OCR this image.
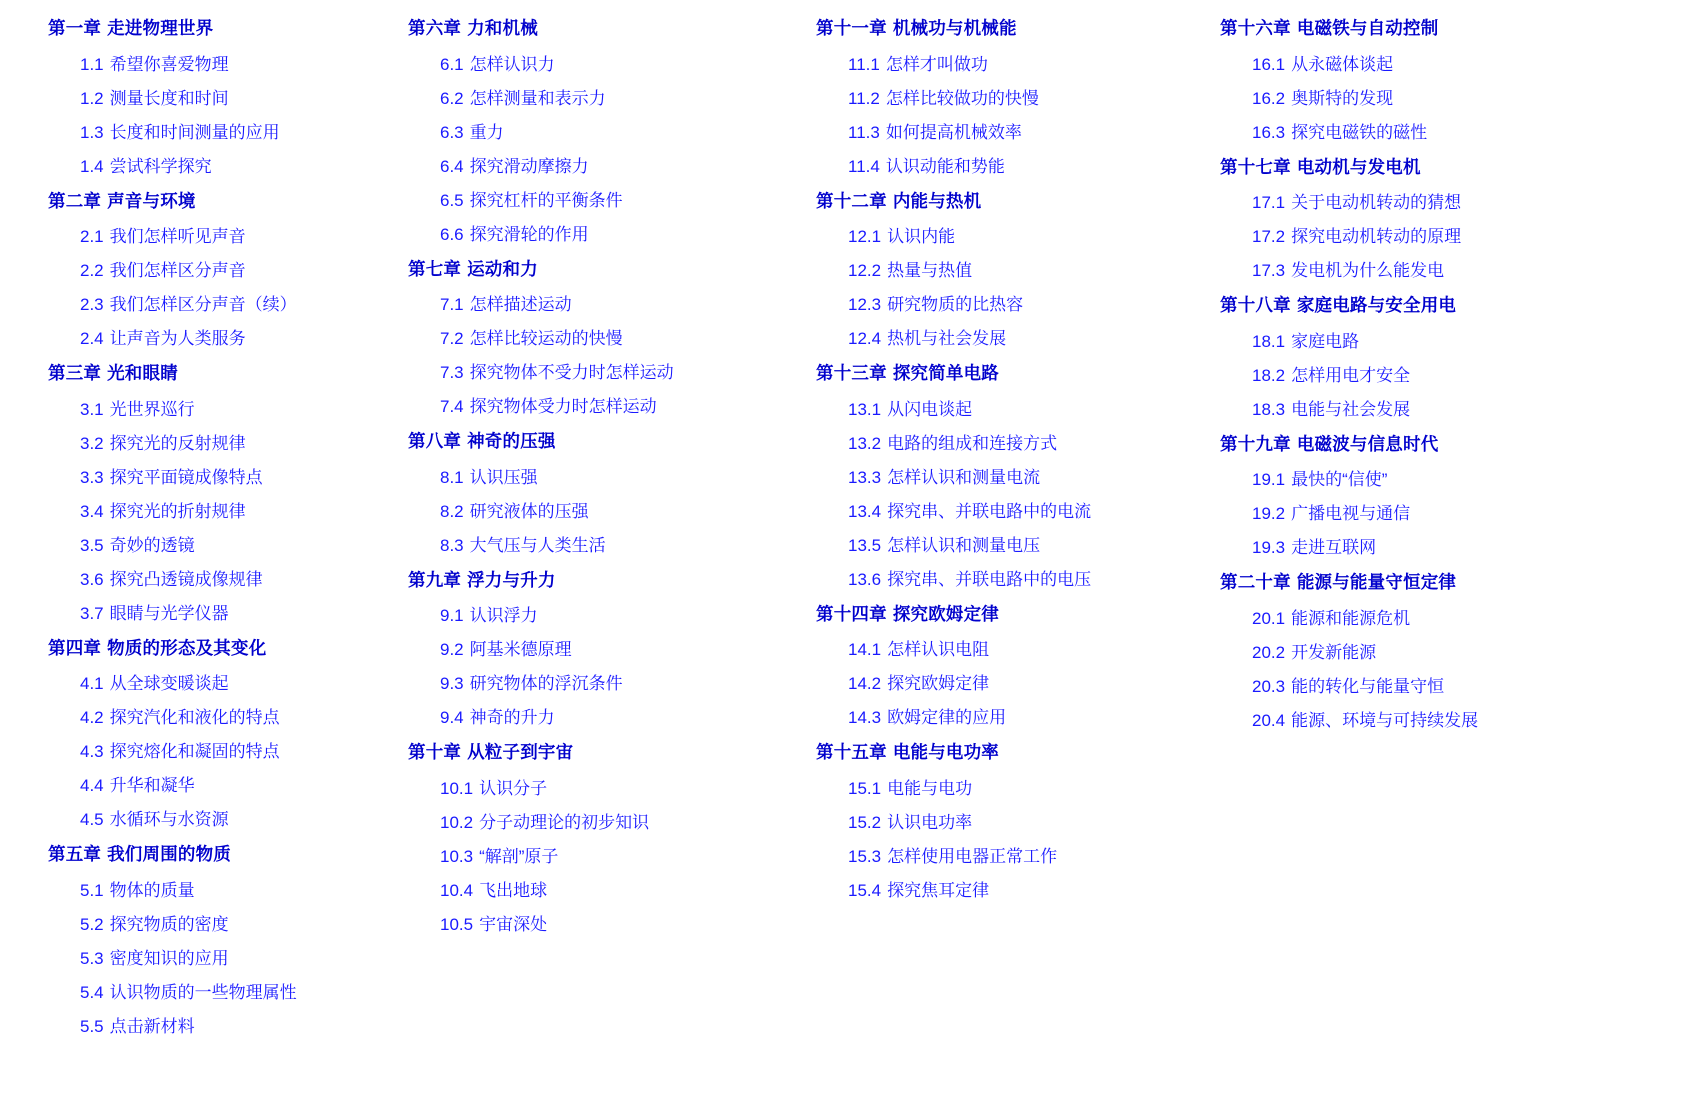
第一章 走进物理世界
1.1 希望你喜爱物理
1.2 测量长度和时间
1.3 长度和时间测量的应用
1.4 尝试科学探究
第二章 声音与环境
2.1 我们怎样听见声音
2.2 我们怎样区分声音
2.3 我们怎样区分声音（续）
2.4 让声音为人类服务
第三章 光和眼睛
3.1 光世界巡行
3.2 探究光的反射规律
3.3 探究平面镜成像特点
3.4 探究光的折射规律
3.5 奇妙的透镜
3.6 探究凸透镜成像规律
3.7 眼睛与光学仪器
第四章 物质的形态及其变化
4.1 从全球变暖谈起
4.2 探究汽化和液化的特点
4.3 探究熔化和凝固的特点
4.4 升华和凝华
4.5 水循环与水资源
第五章 我们周围的物质
5.1 物体的质量
5.2 探究物质的密度
5.3 密度知识的应用
5.4 认识物质的一些物理属性
5.5 点击新材料
第六章 力和机械
6.1 怎样认识力
6.2 怎样测量和表示力
6.3 重力
6.4 探究滑动摩擦力
6.5 探究杠杆的平衡条件
6.6 探究滑轮的作用
第七章 运动和力
7.1 怎样描述运动
7.2 怎样比较运动的快慢
7.3 探究物体不受力时怎样运动
7.4 探究物体受力时怎样运动
第八章 神奇的压强
8.1 认识压强
8.2 研究液体的压强
8.3 大气压与人类生活
第九章 浮力与升力
9.1 认识浮力
9.2 阿基米德原理
9.3 研究物体的浮沉条件
9.4 神奇的升力
第十章 从粒子到宇宙
10.1 认识分子
10.2 分子动理论的初步知识
10.3 “解剖”原子
10.4 飞出地球
10.5 宇宙深处
第十一章 机械功与机械能
11.1 怎样才叫做功
11.2 怎样比较做功的快慢
11.3 如何提高机械效率
11.4 认识动能和势能
第十二章 内能与热机
12.1 认识内能
12.2 热量与热值
12.3 研究物质的比热容
12.4 热机与社会发展
第十三章 探究简单电路
13.1 从闪电谈起
13.2 电路的组成和连接方式
13.3 怎样认识和测量电流
13.4 探究串、并联电路中的电流
13.5 怎样认识和测量电压
13.6 探究串、并联电路中的电压
第十四章 探究欧姆定律
14.1 怎样认识电阻
14.2 探究欧姆定律
14.3 欧姆定律的应用
第十五章 电能与电功率
15.1 电能与电功
15.2 认识电功率
15.3 怎样使用电器正常工作
15.4 探究焦耳定律
第十六章 电磁铁与自动控制
16.1 从永磁体谈起
16.2 奥斯特的发现
16.3 探究电磁铁的磁性
第十七章 电动机与发电机
17.1 关于电动机转动的猜想
17.2 探究电动机转动的原理
17.3 发电机为什么能发电
第十八章 家庭电路与安全用电
18.1 家庭电路
18.2 怎样用电才安全
18.3 电能与社会发展
第十九章 电磁波与信息时代
19.1 最快的“信使”
19.2 广播电视与通信
19.3 走进互联网
第二十章 能源与能量守恒定律
20.1 能源和能源危机
20.2 开发新能源
20.3 能的转化与能量守恒
20.4 能源、环境与可持续发展
